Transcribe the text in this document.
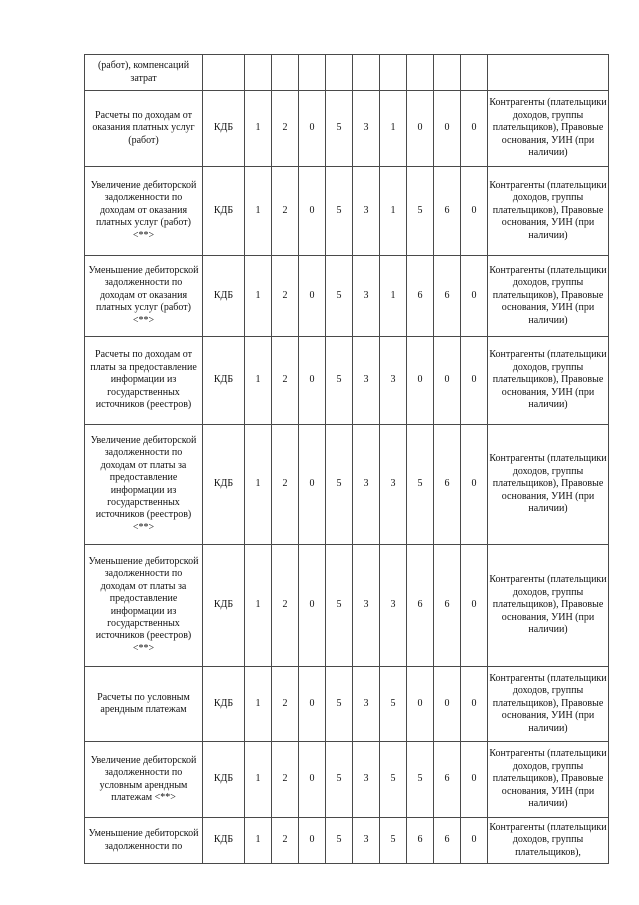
(работ), компенсаций затрат											
Расчеты по доходам от оказания платных услуг (работ)	КДБ	1	2	0	5	3	1	0	0	0	Контрагенты (плательщики доходов, группы плательщиков), Правовые основания, УИН (при наличии)
Увеличение дебиторской задолженности по доходам от оказания платных услуг (работ) <**>	КДБ	1	2	0	5	3	1	5	6	0	Контрагенты (плательщики доходов, группы плательщиков), Правовые основания, УИН (при наличии)
Уменьшение дебиторской задолженности по доходам от оказания платных услуг (работ) <**>	КДБ	1	2	0	5	3	1	6	6	0	Контрагенты (плательщики доходов, группы плательщиков), Правовые основания, УИН (при наличии)
Расчеты по доходам от платы за предоставление информации из государственных источников (реестров)	КДБ	1	2	0	5	3	3	0	0	0	Контрагенты (плательщики доходов, группы плательщиков), Правовые основания, УИН (при наличии)
Увеличение дебиторской задолженности по доходам от платы за предоставление информации из государственных источников (реестров) <**>	КДБ	1	2	0	5	3	3	5	6	0	Контрагенты (плательщики доходов, группы плательщиков), Правовые основания, УИН (при наличии)
Уменьшение дебиторской задолженности по доходам от платы за предоставление информации из государственных источников (реестров) <**>	КДБ	1	2	0	5	3	3	6	6	0	Контрагенты (плательщики доходов, группы плательщиков), Правовые основания, УИН (при наличии)
Расчеты по условным арендным платежам	КДБ	1	2	0	5	3	5	0	0	0	Контрагенты (плательщики доходов, группы плательщиков), Правовые основания, УИН (при наличии)
Увеличение дебиторской задолженности по условным арендным платежам <**>	КДБ	1	2	0	5	3	5	5	6	0	Контрагенты (плательщики доходов, группы плательщиков), Правовые основания, УИН (при наличии)
Уменьшение дебиторской задолженности по	КДБ	1	2	0	5	3	5	6	6	0	Контрагенты (плательщики доходов, группы плательщиков),
